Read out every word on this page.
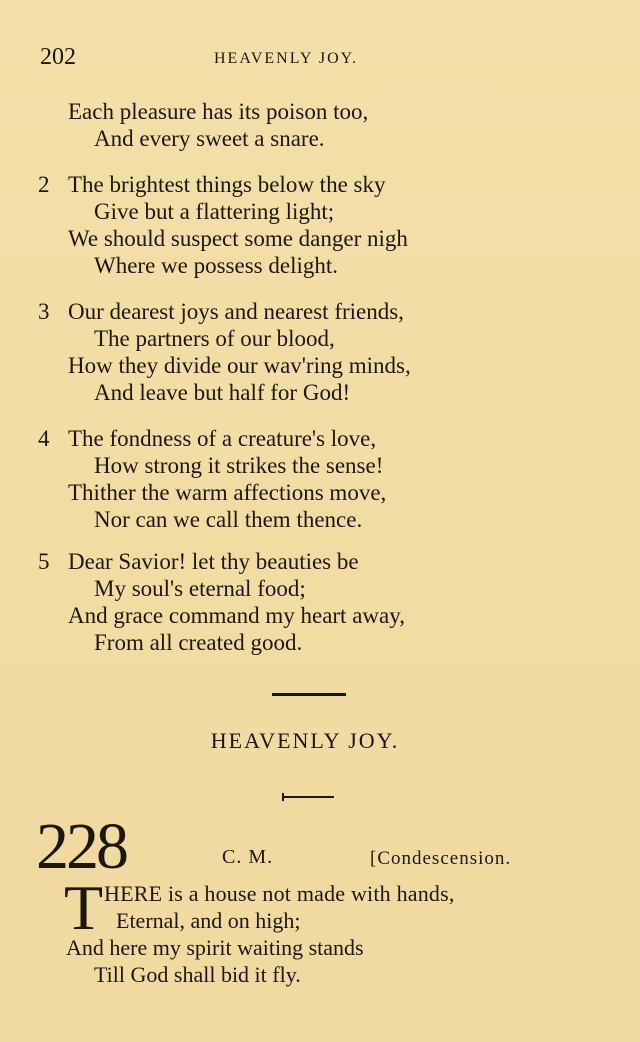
202	HEAVENLY JOY.
Each pleasure has its poison too,
And every sweet a snare.
2 The brightest things below the sky
Give but a flattering light;
We should suspect some danger nigh
Where we possess delight.
3 Our dearest joys and nearest friends,
The partners of our blood,
How they divide our wav'ring minds,
And leave but half for God!
4 The fondness of a creature's love,
How strong it strikes the sense!
Thither the warm affections move,
Nor can we call them thence.
5 Dear Savior! let thy beauties be
My soul's eternal food;
And grace command my heart away,
From all created good.
HEAVENLY JOY.
228	C. M.	[Condescension.
T HERE is a house not made with hands,
Eternal, and on high;
And here my spirit waiting stands
Till God shall bid it fly.
